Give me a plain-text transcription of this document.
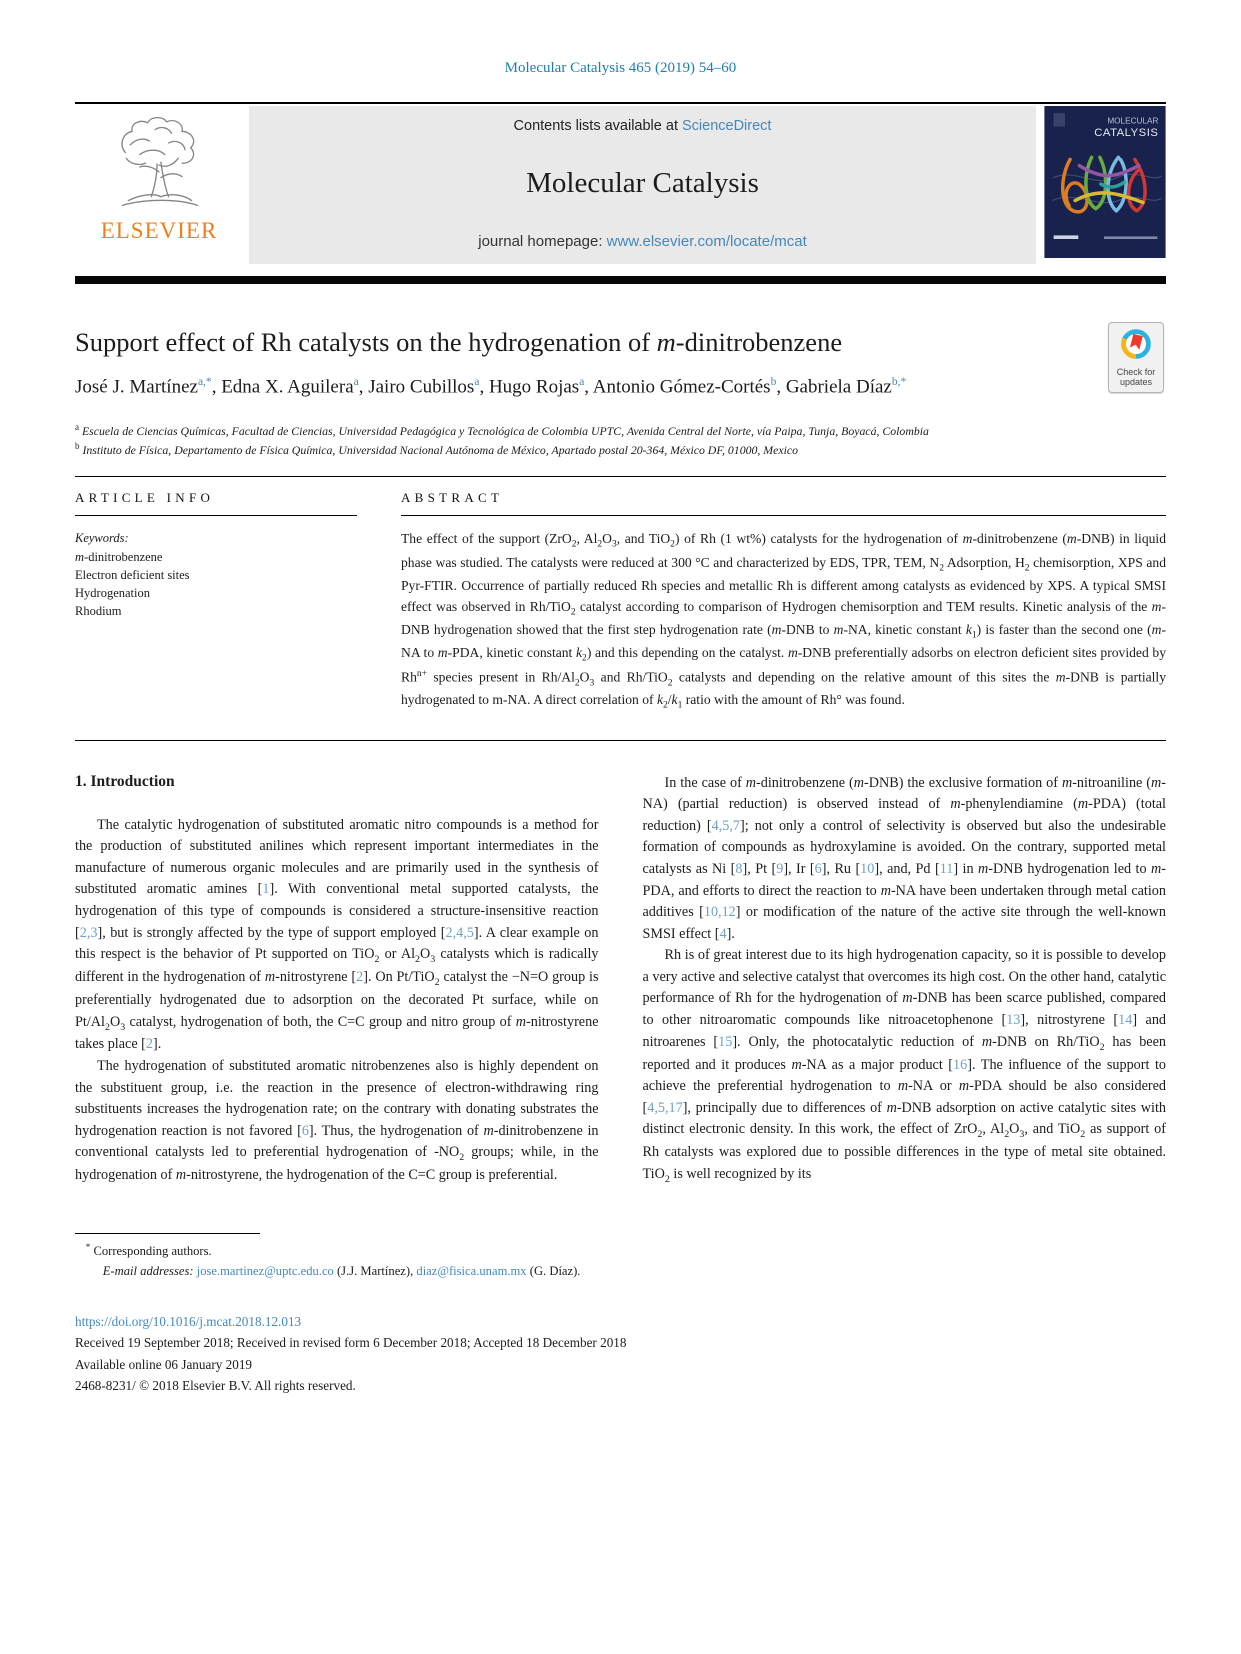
Molecular Catalysis 465 (2019) 54–60
ELSEVIER
Contents lists available at ScienceDirect
Molecular Catalysis
journal homepage: www.elsevier.com/locate/mcat
MOLECULAR
CATALYSIS
Support effect of Rh catalysts on the hydrogenation of m-dinitrobenzene
Check for updates
José J. Martínez$^{a,*}$, Edna X. Aguilera$^a$, Jairo Cubillos$^a$, Hugo Rojas$^a$, Antonio Gómez-Cortés$^b$, Gabriela Díaz$^{b,*}$
$^a$ Escuela de Ciencias Químicas, Facultad de Ciencias, Universidad Pedagógica y Tecnológica de Colombia UPTC, Avenida Central del Norte, vía Paipa, Tunja, Boyacá, Colombia
$^b$ Instituto de Física, Departamento de Física Química, Universidad Nacional Autónoma de México, Apartado postal 20-364, México DF, 01000, Mexico
ARTICLE INFO
Keywords:
m-dinitrobenzene
Electron deficient sites
Hydrogenation
Rhodium
ABSTRACT

The effect of the support (ZrO$_2$, $Al_2O_3$, and TiO$_2$) of Rh (1 wt%) catalysts for the hydrogenation of m-dinitrobenzene (m-DNB) in liquid phase was studied. The catalysts were reduced at 300 °C and characterized by EDS, TPR, TEM, $N_2$ Adsorption, $H_2$ chemisorption, XPS and Pyr-FTIR. Occurrence of partially reduced Rh species and metallic Rh is different among catalysts as evidenced by XPS. A typical SMSI effect was observed in Rh/TiO$_2$ catalyst according to comparison of Hydrogen chemisorption and TEM results. Kinetic analysis of the m-DNB hydrogenation showed that the first step hydrogenation rate (m-DNB to m-NA, kinetic constant $k_1$) is faster than the second one (m-NA to m-PDA, kinetic constant $k_2$) and this depending on the catalyst. m-DNB preferentially adsorbs on electron deficient sites provided by $Rh^{n+}$ species present in $Rh/Al_2O_3$ and Rh/TiO$_2$ catalysts and depending on the relative amount of this sites the m-DNB is partially hydrogenated to m-NA. A direct correlation of $k_2/k_1$ ratio with the amount of Rh° was found.

1. Introduction

The catalytic hydrogenation of substituted aromatic nitro compounds is a method for the production of substituted anilines which represent important intermediates in the manufacture of numerous organic molecules and are primarily used in the synthesis of substituted aromatic amines [1]. With conventional metal supported catalysts, the hydrogenation of this type of compounds is considered a structure-insensitive reaction [2,3], but is strongly affected by the type of support employed [2,4,5]. A clear example on this respect is the behavior of Pt supported on TiO$_2$ or $Al_2O_3$ catalysts which is radically different in the hydrogenation of m-nitrostyrene [2]. On Pt/TiO$_2$ catalyst the −N=O group is preferentially hydrogenated due to adsorption on the decorated Pt surface, while on $Pt/Al_2O_3$ catalyst, hydrogenation of both, the C=C group and nitro group of m-nitrostyrene takes place [2].

The hydrogenation of substituted aromatic nitrobenzenes also is highly dependent on the substituent group, i.e. the reaction in the presence of electron-withdrawing ring substituents increases the hydrogenation rate; on the contrary with donating substrates the hydrogenation reaction is not favored [6]. Thus, the hydrogenation of m-dinitrobenzene in conventional catalysts led to preferential hydrogenation of $-NO_2$ groups; while, in the hydrogenation of m-nitrostyrene, the hydrogenation of the C=C group is preferential.

* Corresponding authors.
E-mail addresses: jose.martinez@uptc.edu.co (J.J. Martínez), diaz@fisica.unam.mx (G. Díaz).

In the case of m-dinitrobenzene (m-DNB) the exclusive formation of m-nitroaniline (m-NA) (partial reduction) is observed instead of m-phenylendiamine (m-PDA) (total reduction) [4,5,7]; not only a control of selectivity is observed but also the undesirable formation of compounds as hydroxylamine is avoided. On the contrary, supported metal catalysts as Ni [8], Pt [9], Ir [6], Ru [10], and, Pd [11] in m-DNB hydrogenation led to m-PDA, and efforts to direct the reaction to m-NA have been undertaken through metal cation additives [10,12] or modification of the nature of the active site through the well-known SMSI effect [4].

Rh is of great interest due to its high hydrogenation capacity, so it is possible to develop a very active and selective catalyst that overcomes its high cost. On the other hand, catalytic performance of Rh for the hydrogenation of m-DNB has been scarce published, compared to other nitroaromatic compounds like nitroacetophenone [13], nitrostyrene [14] and nitroarenes [15]. Only, the photocatalytic reduction of m-DNB on Rh/TiO$_2$ has been reported and it produces m-NA as a major product [16]. The influence of the support to achieve the preferential hydrogenation to m-NA or m-PDA should be also considered [4,5,17], principally due to differences of m-DNB adsorption on active catalytic sites with distinct electronic density. In this work, the effect of ZrO$_2$, $Al_2O_3$, and TiO$_2$ as support of Rh catalysts was explored due to possible differences in the type of metal site obtained. TiO$_2$ is well recognized by its

https://doi.org/10.1016/j.mcat.2018.12.013
Received 19 September 2018; Received in revised form 6 December 2018; Accepted 18 December 2018
Available online 06 January 2019
2468-8231/ © 2018 Elsevier B.V. All rights reserved.
